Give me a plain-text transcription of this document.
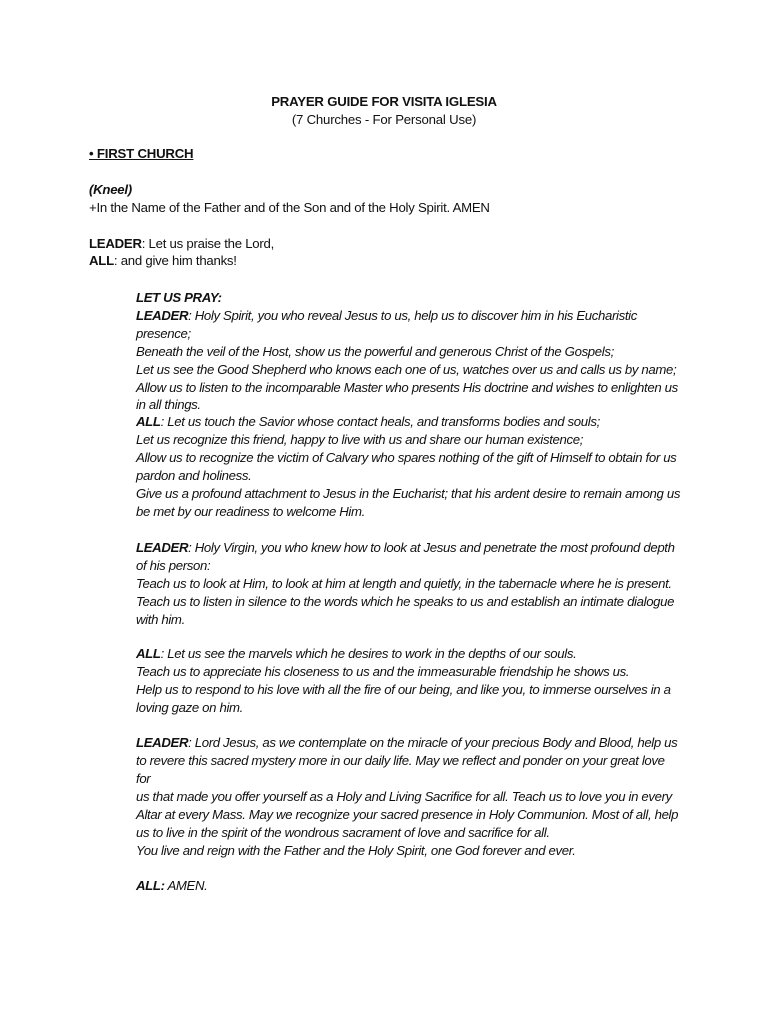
PRAYER GUIDE FOR VISITA IGLESIA
(7 Churches - For Personal Use)
• FIRST CHURCH
(Kneel)
+In the Name of the Father and of the Son and of the Holy Spirit. AMEN
LEADER: Let us praise the Lord,
ALL: and give him thanks!

LET US PRAY:

LEADER: Holy Spirit, you who reveal Jesus to us, help us to discover him in his Eucharistic presence;
Beneath the veil of the Host, show us the powerful and generous Christ of the Gospels;
Let us see the Good Shepherd who knows each one of us, watches over us and calls us by name;
Allow us to listen to the incomparable Master who presents His doctrine and wishes to enlighten us
in all things.

ALL: Let us touch the Savior whose contact heals, and transforms bodies and souls;
Let us recognize this friend, happy to live with us and share our human existence;
Allow us to recognize the victim of Calvary who spares nothing of the gift of Himself to obtain for us
pardon and holiness.
Give us a profound attachment to Jesus in the Eucharist; that his ardent desire to remain among us
be met by our readiness to welcome Him.

LEADER: Holy Virgin, you who knew how to look at Jesus and penetrate the most profound depth
of his person:
Teach us to look at Him, to look at him at length and quietly, in the tabernacle where he is present.
Teach us to listen in silence to the words which he speaks to us and establish an intimate dialogue
with him.

ALL: Let us see the marvels which he desires to work in the depths of our souls.
Teach us to appreciate his closeness to us and the immeasurable friendship he shows us.
Help us to respond to his love with all the fire of our being, and like you, to immerse ourselves in a
loving gaze on him.

LEADER: Lord Jesus, as we contemplate on the miracle of your precious Body and Blood, help us
to revere this sacred mystery more in our daily life. May we reflect and ponder on your great love for
us that made you offer yourself as a Holy and Living Sacrifice for all. Teach us to love you in every
Altar at every Mass. May we recognize your sacred presence in Holy Communion. Most of all, help
us to live in the spirit of the wondrous sacrament of love and sacrifice for all.

You live and reign with the Father and the Holy Spirit, one God forever and ever.
ALL: AMEN.
